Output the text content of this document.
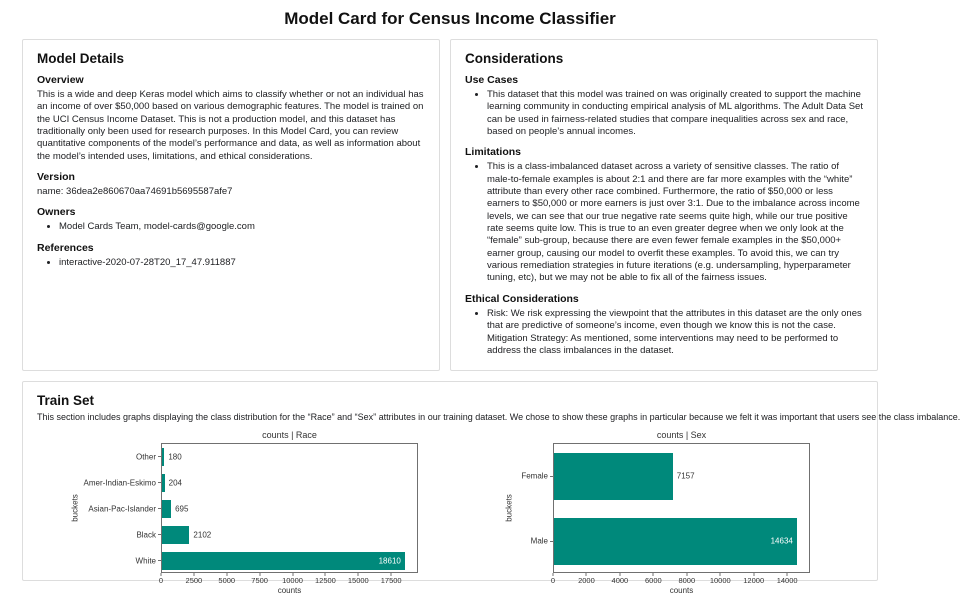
Model Card for Census Income Classifier
Model Details
Overview

This is a wide and deep Keras model which aims to classify whether or not an individual has an income of over $50,000 based on various demographic features. The model is trained on the UCI Census Income Dataset. This is not a production model, and this dataset has traditionally only been used for research purposes. In this Model Card, you can review quantitative components of the model’s performance and data, as well as information about the model’s intended uses, limitations, and ethical considerations.

Version

name: 36dea2e860670aa74691b5695587afe7

Owners
• Model Cards Team, model-cards@google.com
References
• interactive-2020-07-28T20_17_47.911887
Considerations
Use Cases
• This dataset that this model was trained on was originally created to support the machine learning community in conducting empirical analysis of ML algorithms. The Adult Data Set can be used in fairness-related studies that compare inequalities across sex and race, based on people’s annual incomes.
Limitations
• This is a class-imbalanced dataset across a variety of sensitive classes. The ratio of male-to-female examples is about 2:1 and there are far more examples with the “white” attribute than every other race combined. Furthermore, the ratio of $50,000 or less earners to $50,000 or more earners is just over 3:1. Due to the imbalance across income levels, we can see that our true negative rate seems quite high, while our true positive rate seems quite low. This is true to an even greater degree when we only look at the “female” sub-group, because there are even fewer female examples in the $50,000+ earner group, causing our model to overfit these examples. To avoid this, we can try various remediation strategies in future iterations (e.g. undersampling, hyperparameter tuning, etc), but we may not be able to fix all of the fairness issues.
Ethical Considerations
• Risk: We risk expressing the viewpoint that the attributes in this dataset are the only ones that are predictive of someone’s income, even though we know this is not the case.
Mitigation Strategy: As mentioned, some interventions may need to be performed to address the class imbalances in the dataset.
Train Set
This section includes graphs displaying the class distribution for the “Race” and “Sex” attributes in our training dataset. We chose to show these graphs in particular because we felt it was important that users see the class imbalance.
counts | Race
buckets
Other 180
Amer-Indian-Eskimo 204
Asian-Pac-Islander 695
Black	2102
White	18610
0	2500 5000 7500 10000 12500 15000 17500
counts
counts | Sex
buckets
Female	7157
Male	14634
0	2000 4000 6000 8000 10000 12000 14000
counts
